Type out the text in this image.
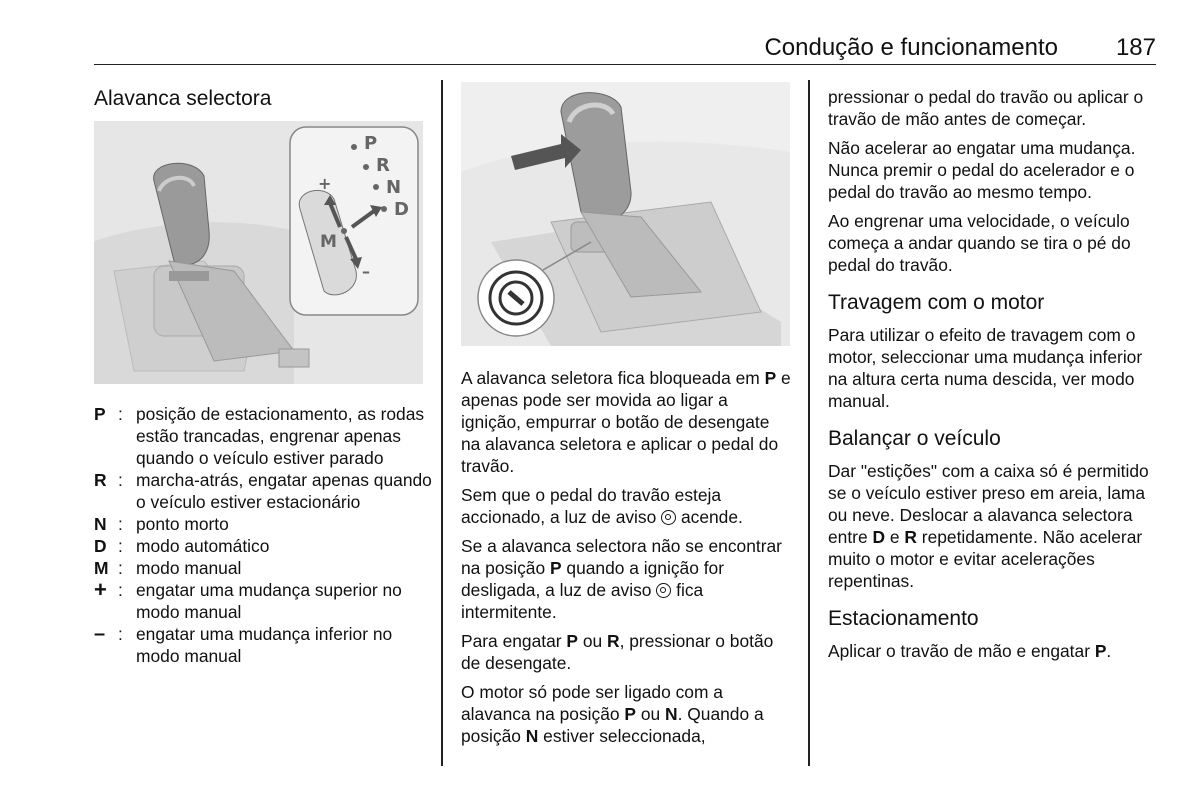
Condução e funcionamento 187
Alavanca selectora
P
R
N
D
M
+
–
P : posição de estacionamento, as rodas estão trancadas, engrenar apenas quando o veículo estiver parado
R : marcha-atrás, engatar apenas quando o veículo estiver estacionário
N : ponto morto
D : modo automático
M : modo manual
+ : engatar uma mudança superior no modo manual
– : engatar uma mudança inferior no modo manual

A alavanca seletora fica bloqueada em P e apenas pode ser movida ao ligar a ignição, empurrar o botão de desengate na alavanca seletora e aplicar o pedal do travão.

Sem que o pedal do travão esteja accionado, a luz de aviso  acende.

Se a alavanca selectora não se encontrar na posição P quando a ignição for desligada, a luz de aviso  fica intermitente.

Para engatar P ou R, pressionar o botão de desengate.

O motor só pode ser ligado com a alavanca na posição P ou N. Quando a posição N estiver seleccionada,

pressionar o pedal do travão ou aplicar o travão de mão antes de começar.

Não acelerar ao engatar uma mudança. Nunca premir o pedal do acelerador e o pedal do travão ao mesmo tempo.

Ao engrenar uma velocidade, o veículo começa a andar quando se tira o pé do pedal do travão.

Travagem com o motor

Para utilizar o efeito de travagem com o motor, seleccionar uma mudança inferior na altura certa numa descida, ver modo manual.

Balançar o veículo

Dar "estições" com a caixa só é permitido se o veículo estiver preso em areia, lama ou neve. Deslocar a alavanca selectora entre D e R repetidamente. Não acelerar muito o motor e evitar acelerações repentinas.

Estacionamento

Aplicar o travão de mão e engatar P.
